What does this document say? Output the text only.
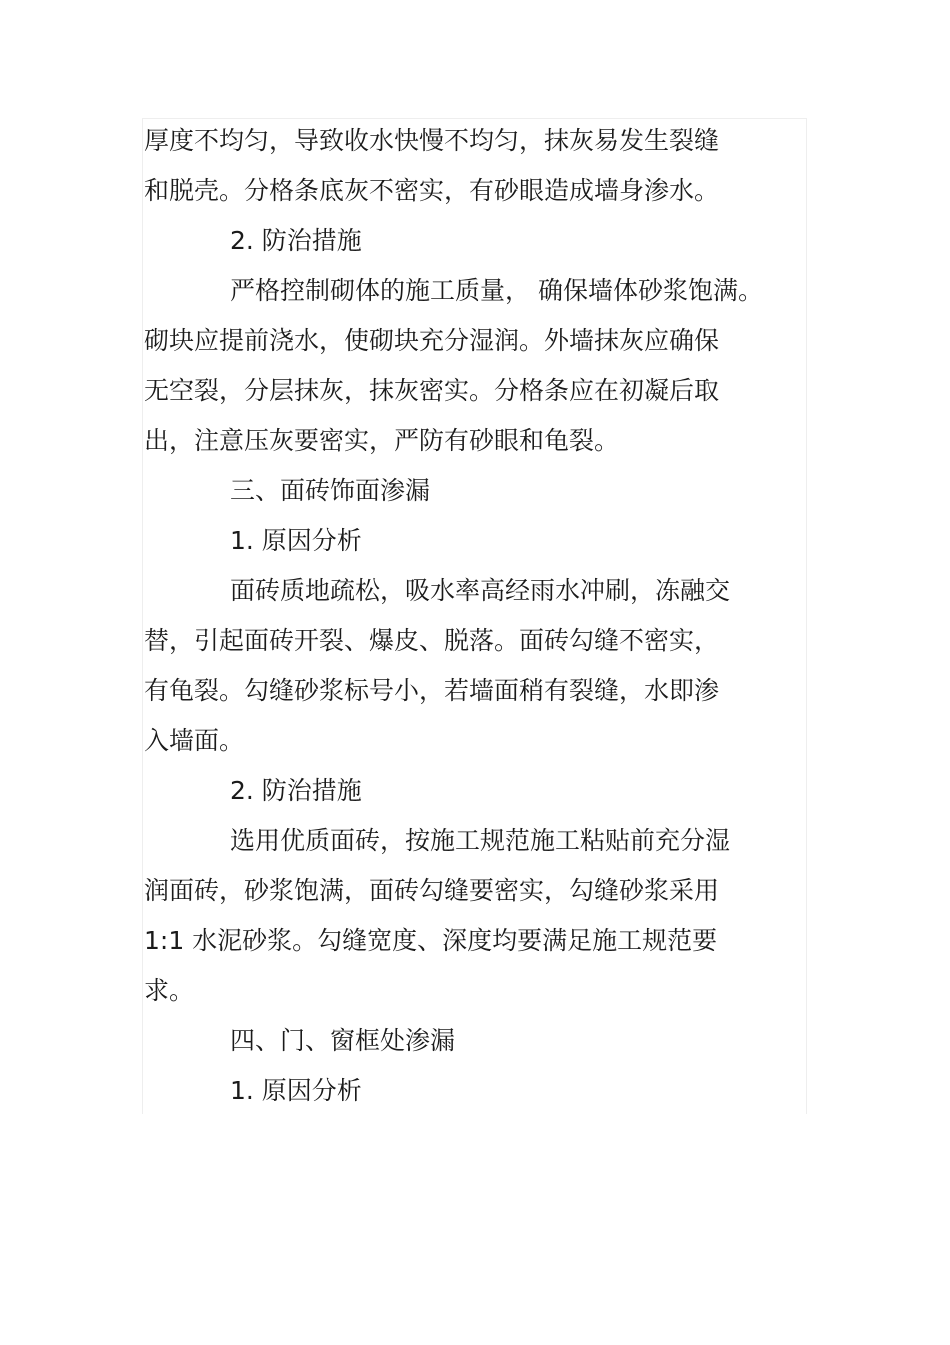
厚度不均匀，导致收水快慢不均匀，抹灰易发生裂缝
和脱壳。分格条底灰不密实，有砂眼造成墙身渗水。
2. 防治措施
严格控制砌体的施工质量， 确保墙体砂浆饱满。
砌块应提前浇水，使砌块充分湿润。外墙抹灰应确保
无空裂，分层抹灰，抹灰密实。分格条应在初凝后取
出，注意压灰要密实，严防有砂眼和龟裂。
三、面砖饰面渗漏
1. 原因分析
面砖质地疏松，吸水率高经雨水冲刷，冻融交
替，引起面砖开裂、爆皮、脱落。面砖勾缝不密实，
有龟裂。勾缝砂浆标号小，若墙面稍有裂缝，水即渗
入墙面。
2. 防治措施
选用优质面砖，按施工规范施工粘贴前充分湿
润面砖，砂浆饱满，面砖勾缝要密实，勾缝砂浆采用
1:1 水泥砂浆。勾缝宽度、深度均要满足施工规范要
求。
四、门、窗框处渗漏
1. 原因分析
